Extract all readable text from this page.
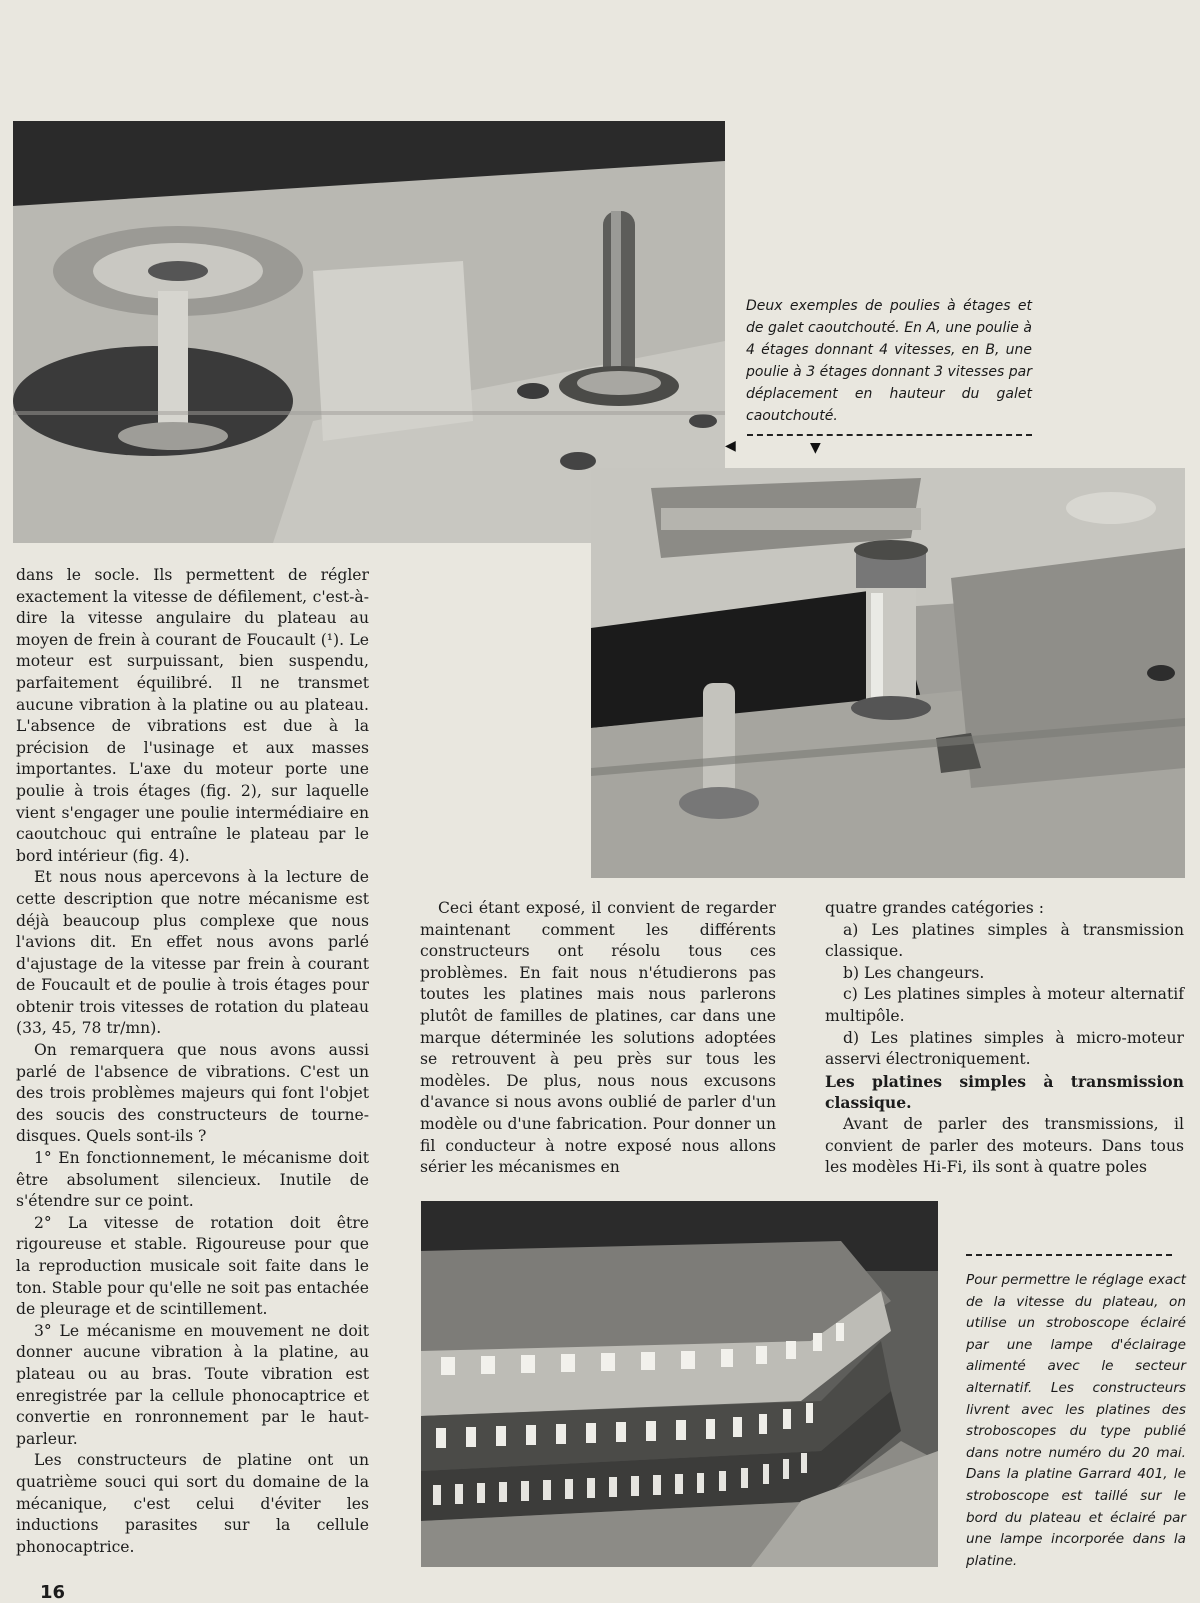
Deux exemples de poulies à étages et de galet caoutchouté. En A, une poulie à 4 étages donnant 4 vitesses, en B, une poulie à 3 étages donnant 3 vitesses par déplacement en hauteur du galet caoutchouté.

◀	▼

Pour permettre le réglage exact de la vitesse du plateau, on utilise un stroboscope éclairé par une lampe d'éclairage alimenté avec le secteur alternatif. Les constructeurs livrent avec les platines des stroboscopes du type publié dans notre numéro du 20 mai. Dans la platine Garrard 401, le stroboscope est taillé sur le bord du plateau et éclairé par une lampe incorporée dans la platine.

dans le socle. Ils permettent de régler exactement la vitesse de défilement, c'est-à-dire la vitesse angulaire du plateau au moyen de frein à courant de Foucault (¹). Le moteur est surpuissant, bien suspendu, parfaitement équilibré. Il ne transmet aucune vibration à la platine ou au plateau. L'absence de vibrations est due à la précision de l'usinage et aux masses importantes. L'axe du moteur porte une poulie à trois étages (fig. 2), sur laquelle vient s'engager une poulie intermédiaire en caoutchouc qui entraîne le plateau par le bord intérieur (fig. 4).

Et nous nous apercevons à la lecture de cette description que notre mécanisme est déjà beaucoup plus complexe que nous l'avions dit. En effet nous avons parlé d'ajustage de la vitesse par frein à courant de Foucault et de poulie à trois étages pour obtenir trois vitesses de rotation du plateau (33, 45, 78 tr/mn).

On remarquera que nous avons aussi parlé de l'absence de vibrations. C'est un des trois problèmes majeurs qui font l'objet des soucis des constructeurs de tourne-disques. Quels sont-ils ?

1° En fonctionnement, le mécanisme doit être absolument silencieux. Inutile de s'étendre sur ce point.

2° La vitesse de rotation doit être rigoureuse et stable. Rigoureuse pour que la reproduction musicale soit faite dans le ton. Stable pour qu'elle ne soit pas entachée de pleurage et de scintillement.

3° Le mécanisme en mouvement ne doit donner aucune vibration à la platine, au plateau ou au bras. Toute vibration est enregistrée par la cellule phonocaptrice et convertie en ronronnement par le haut-parleur.

Les constructeurs de platine ont un quatrième souci qui sort du domaine de la mécanique, c'est celui d'éviter les inductions parasites sur la cellule phonocaptrice.

Ceci étant exposé, il convient de regarder maintenant comment les différents constructeurs ont résolu tous ces problèmes. En fait nous n'étudierons pas toutes les platines mais nous parlerons plutôt de familles de platines, car dans une marque déterminée les solutions adoptées se retrouvent à peu près sur tous les modèles. De plus, nous nous excusons d'avance si nous avons oublié de parler d'un modèle ou d'une fabrication. Pour donner un fil conducteur à notre exposé nous allons sérier les mécanismes en

quatre grandes catégories :

a) Les platines simples à transmission classique.

b) Les changeurs.

c) Les platines simples à moteur alternatif multipôle.

d) Les platines simples à micro-moteur asservi électroniquement.

Les platines simples à transmission classique.

Avant de parler des transmissions, il convient de parler des moteurs. Dans tous les modèles Hi-Fi, ils sont à quatre poles

16
